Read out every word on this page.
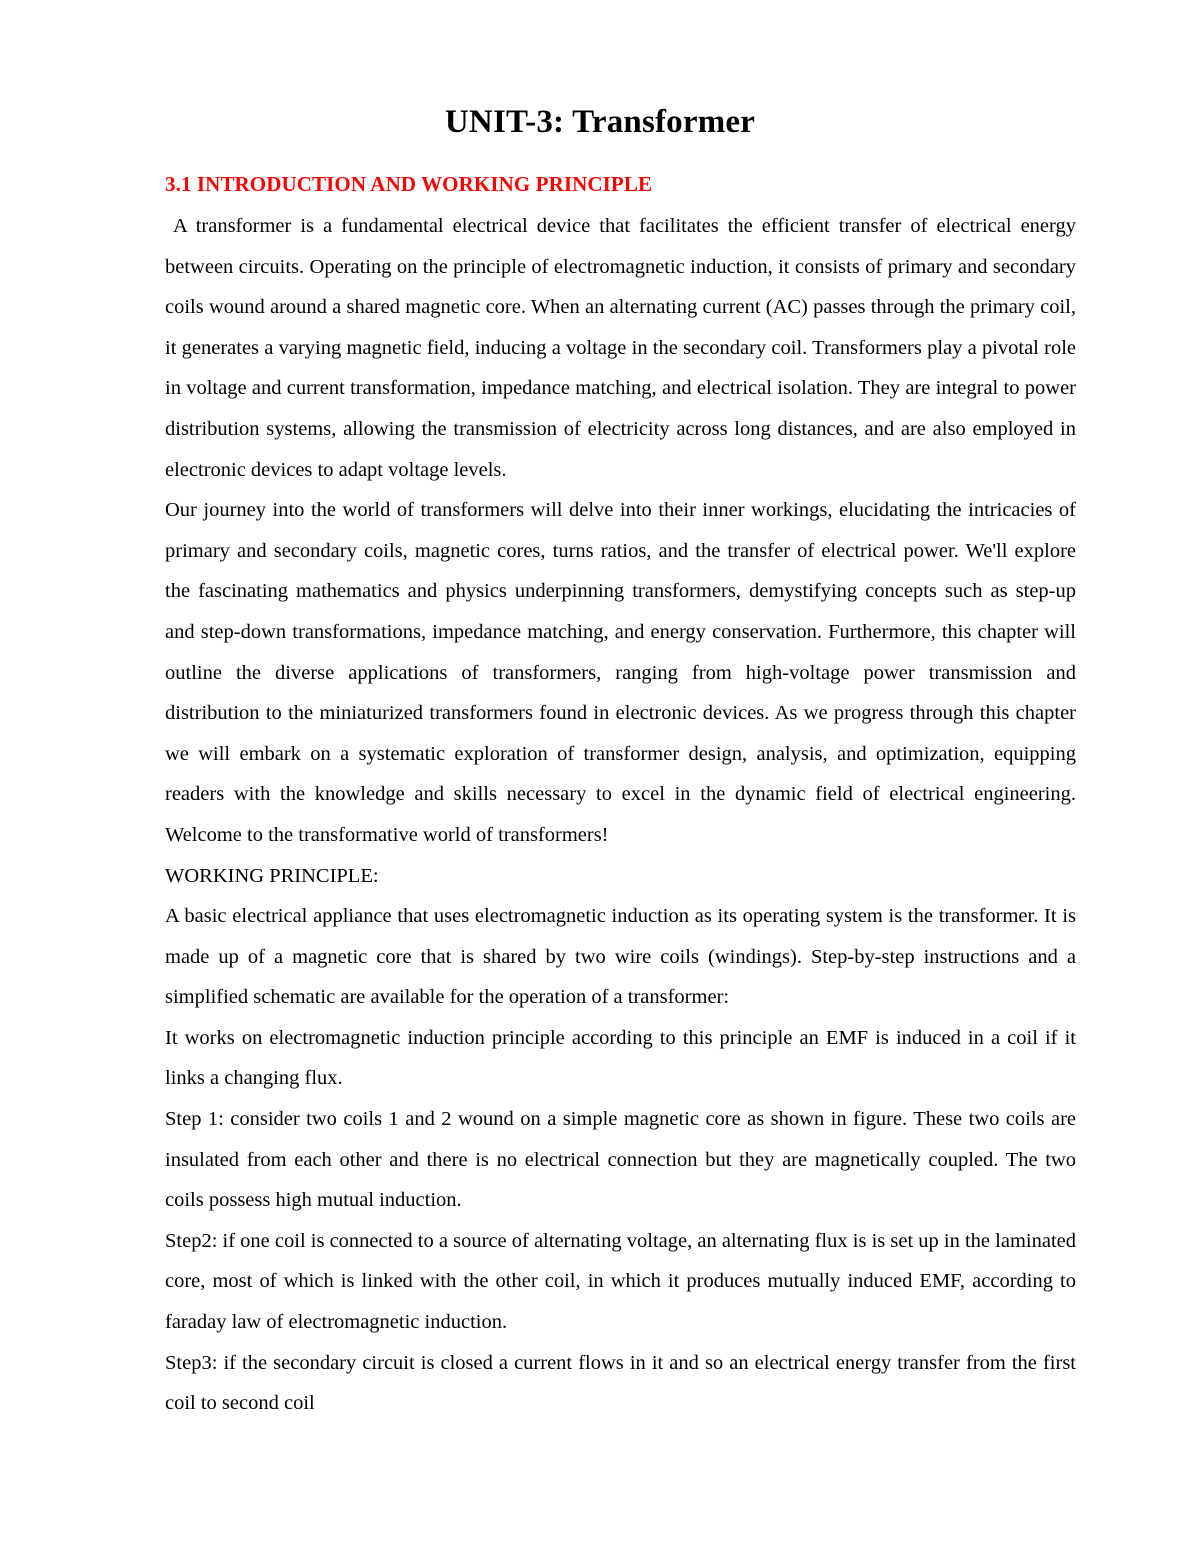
UNIT-3: Transformer
3.1 INTRODUCTION AND WORKING PRINCIPLE

A transformer is a fundamental electrical device that facilitates the efficient transfer of electrical energy between circuits. Operating on the principle of electromagnetic induction, it consists of primary and secondary coils wound around a shared magnetic core. When an alternating current (AC) passes through the primary coil, it generates a varying magnetic field, inducing a voltage in the secondary coil. Transformers play a pivotal role in voltage and current transformation, impedance matching, and electrical isolation. They are integral to power distribution systems, allowing the transmission of electricity across long distances, and are also employed in electronic devices to adapt voltage levels.

Our journey into the world of transformers will delve into their inner workings, elucidating the intricacies of primary and secondary coils, magnetic cores, turns ratios, and the transfer of electrical power. We'll explore the fascinating mathematics and physics underpinning transformers, demystifying concepts such as step-up and step-down transformations, impedance matching, and energy conservation. Furthermore, this chapter will outline the diverse applications of transformers, ranging from high-voltage power transmission and distribution to the miniaturized transformers found in electronic devices. As we progress through this chapter we will embark on a systematic exploration of transformer design, analysis, and optimization, equipping readers with the knowledge and skills necessary to excel in the dynamic field of electrical engineering. Welcome to the transformative world of transformers!

WORKING PRINCIPLE:

A basic electrical appliance that uses electromagnetic induction as its operating system is the transformer. It is made up of a magnetic core that is shared by two wire coils (windings). Step-by-step instructions and a simplified schematic are available for the operation of a transformer:

It works on electromagnetic induction principle according to this principle an EMF is induced in a coil if it links a changing flux.

Step 1: consider two coils 1 and 2 wound on a simple magnetic core as shown in figure. These two coils are insulated from each other and there is no electrical connection but they are magnetically coupled. The two coils possess high mutual induction.

Step2: if one coil is connected to a source of alternating voltage, an alternating flux is is set up in the laminated core, most of which is linked with the other coil, in which it produces mutually induced EMF, according to faraday law of electromagnetic induction.

Step3: if the secondary circuit is closed a current flows in it and so an electrical energy transfer from the first coil to second coil
